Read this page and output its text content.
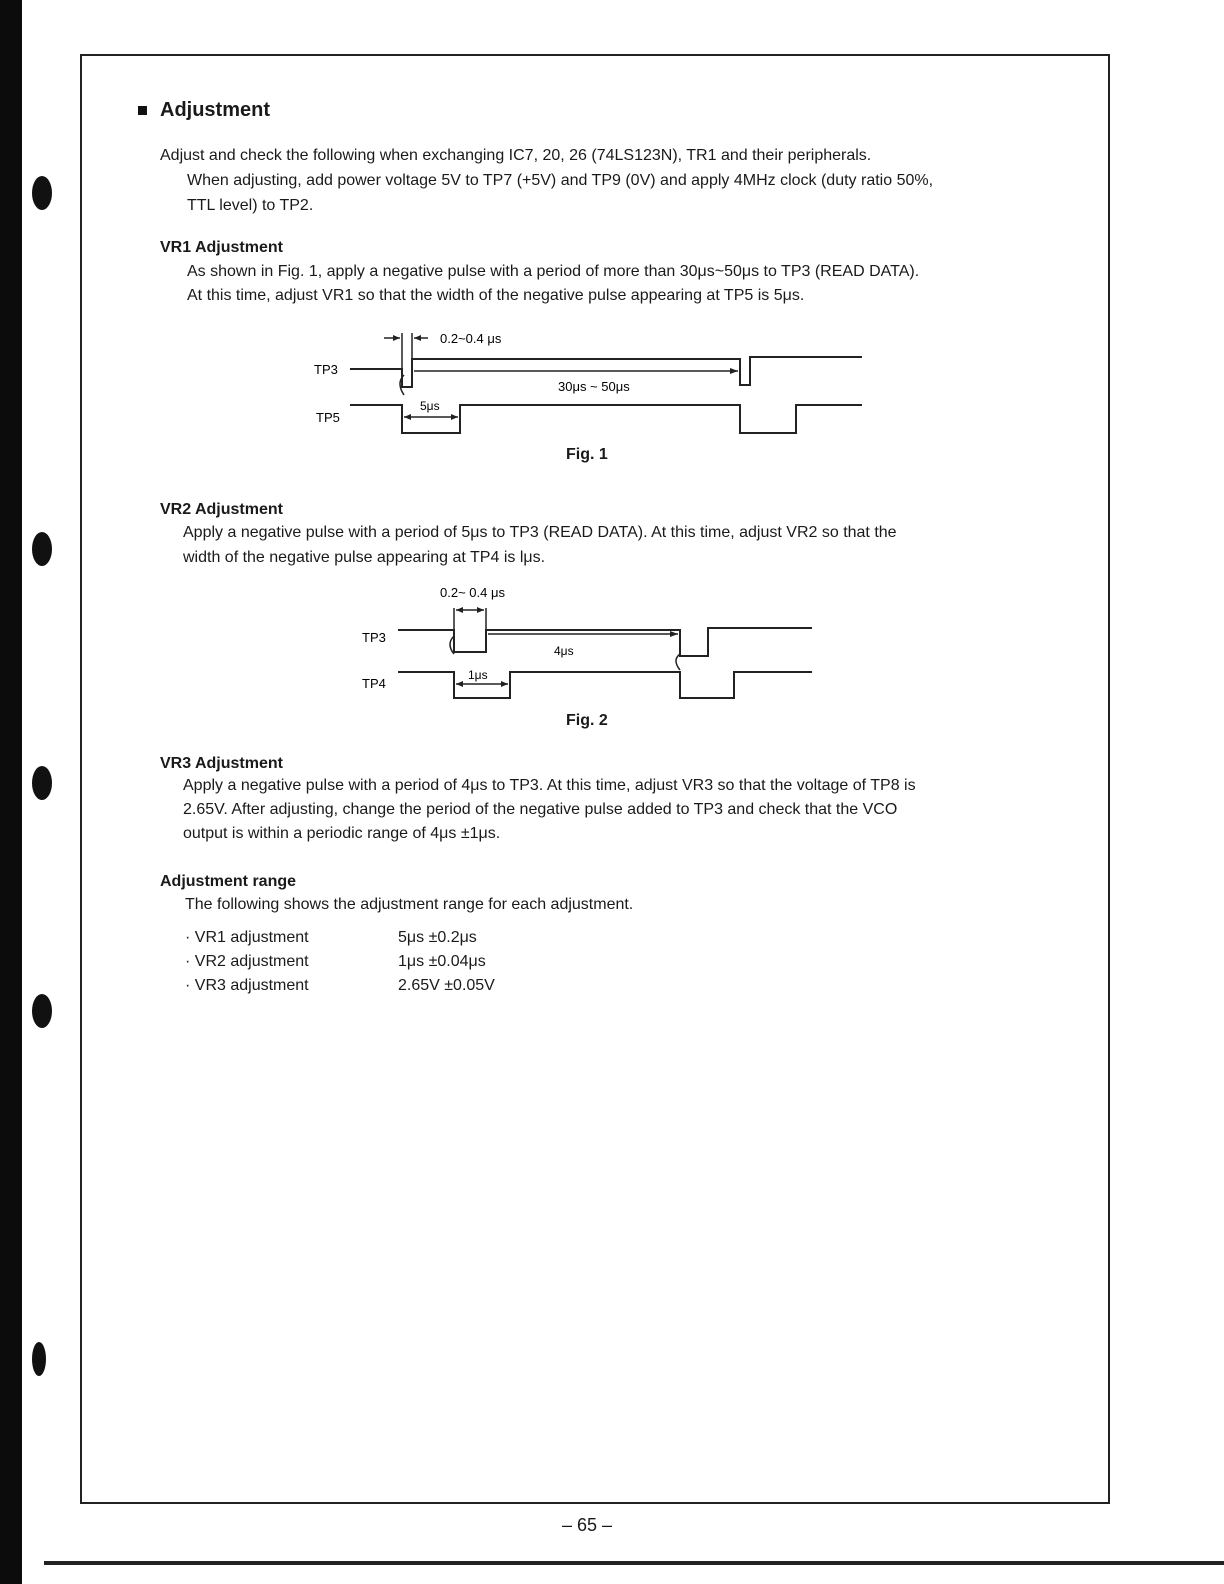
Adjustment
Adjust and check the following when exchanging IC7, 20, 26 (74LS123N), TR1 and their peripherals.
When adjusting, add power voltage 5V to TP7 (+5V) and TP9 (0V) and apply 4MHz clock (duty ratio 50%,
TTL level) to TP2.
VR1 Adjustment
As shown in Fig. 1, apply a negative pulse with a period of more than 30μs~50μs to TP3 (READ DATA).
At this time, adjust VR1 so that the width of the negative pulse appearing at TP5 is 5μs.
TP3
TP5
0.2~0.4 μs
30μs ~ 50μs
5μs
Fig. 1
VR2 Adjustment
Apply a negative pulse with a period of 5μs to TP3 (READ DATA). At this time, adjust VR2 so that the
width of the negative pulse appearing at TP4 is lμs.
TP3
TP4
0.2~ 0.4 μs
4μs
1μs
Fig. 2
VR3 Adjustment
Apply a negative pulse with a period of 4μs to TP3. At this time, adjust VR3 so that the voltage of TP8 is
2.65V. After adjusting, change the period of the negative pulse added to TP3 and check that the VCO
output is within a periodic range of 4μs ±1μs.
Adjustment range
The following shows the adjustment range for each adjustment.
· VR1 adjustment	5μs ±0.2μs
· VR2 adjustment	1μs ±0.04μs
· VR3 adjustment	2.65V ±0.05V
– 65 –
